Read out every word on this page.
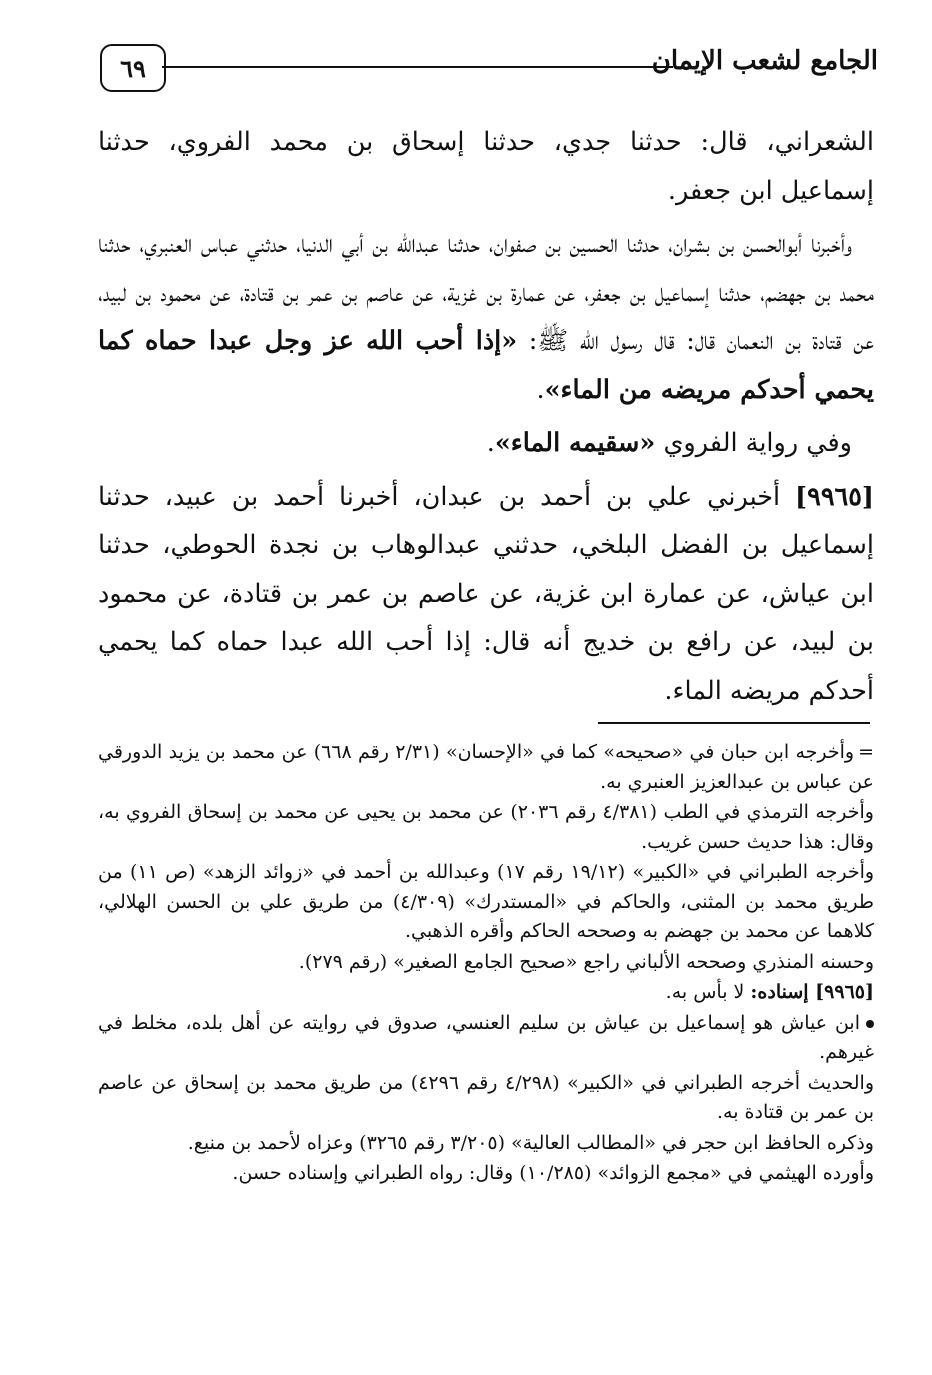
٦٩	الجامع لشعب الإيمان

الشعراني، قال: حدثنا جدي، حدثنا إسحاق بن محمد الفروي، حدثنا إسماعيل ابن جعفر.

وأخبرنا أبوالحسن بن بشران، حدثنا الحسين بن صفوان، حدثنا عبدالله بن أبي الدنيا، حدثني عباس العنبري، حدثنا محمد بن جهضم، حدثنا إسماعيل بن جعفر، عن عمارة بن غزية، عن عاصم بن عمر بن قتادة، عن محمود بن لبيد، عن قتادة بن النعمان قال: قال رسول الله ﷺ: «إذا أحب الله عز وجل عبدا حماه كما يحمي أحدكم مريضه من الماء».

وفي رواية الفروي «سقيمه الماء».

[٩٩٦٥] أخبرني علي بن أحمد بن عبدان، أخبرنا أحمد بن عبيد، حدثنا إسماعيل بن الفضل البلخي، حدثني عبدالوهاب بن نجدة الحوطي، حدثنا ابن عياش، عن عمارة ابن غزية، عن عاصم بن عمر بن قتادة، عن محمود بن لبيد، عن رافع بن خديج أنه قال: إذا أحب الله عبدا حماه كما يحمي أحدكم مريضه الماء.

=وأخرجه ابن حبان في «صحيحه» كما في «الإحسان» (٢/٣١ رقم ٦٦٨) عن محمد بن يزيد الدورقي عن عباس بن عبدالعزيز العنبري به.

وأخرجه الترمذي في الطب (٤/٣٨١ رقم ٢٠٣٦) عن محمد بن يحيى عن محمد بن إسحاق الفروي به، وقال: هذا حديث حسن غريب.

وأخرجه الطبراني في «الكبير» (١٩/١٢ رقم ١٧) وعبدالله بن أحمد في «زوائد الزهد» (ص ١١) من طريق محمد بن المثنى، والحاكم في «المستدرك» (٤/٣٠٩) من طريق علي بن الحسن الهلالي، كلاهما عن محمد بن جهضم به وصححه الحاكم وأقره الذهبي.

وحسنه المنذري وصححه الألباني راجع «صحيح الجامع الصغير» (رقم ٢٧٩).

[٩٩٦٥] إسناده: لا بأس به.

ابن عياش هو إسماعيل بن عياش بن سليم العنسي، صدوق في روايته عن أهل بلده، مخلط في غيرهم.

والحديث أخرجه الطبراني في «الكبير» (٤/٢٩٨ رقم ٤٢٩٦) من طريق محمد بن إسحاق عن عاصم بن عمر بن قتادة به.

وذكره الحافظ ابن حجر في «المطالب العالية» (٣/٢٠٥ رقم ٣٢٦٥) وعزاه لأحمد بن منيع.

وأورده الهيثمي في «مجمع الزوائد» (١٠/٢٨٥) وقال: رواه الطبراني وإسناده حسن.
